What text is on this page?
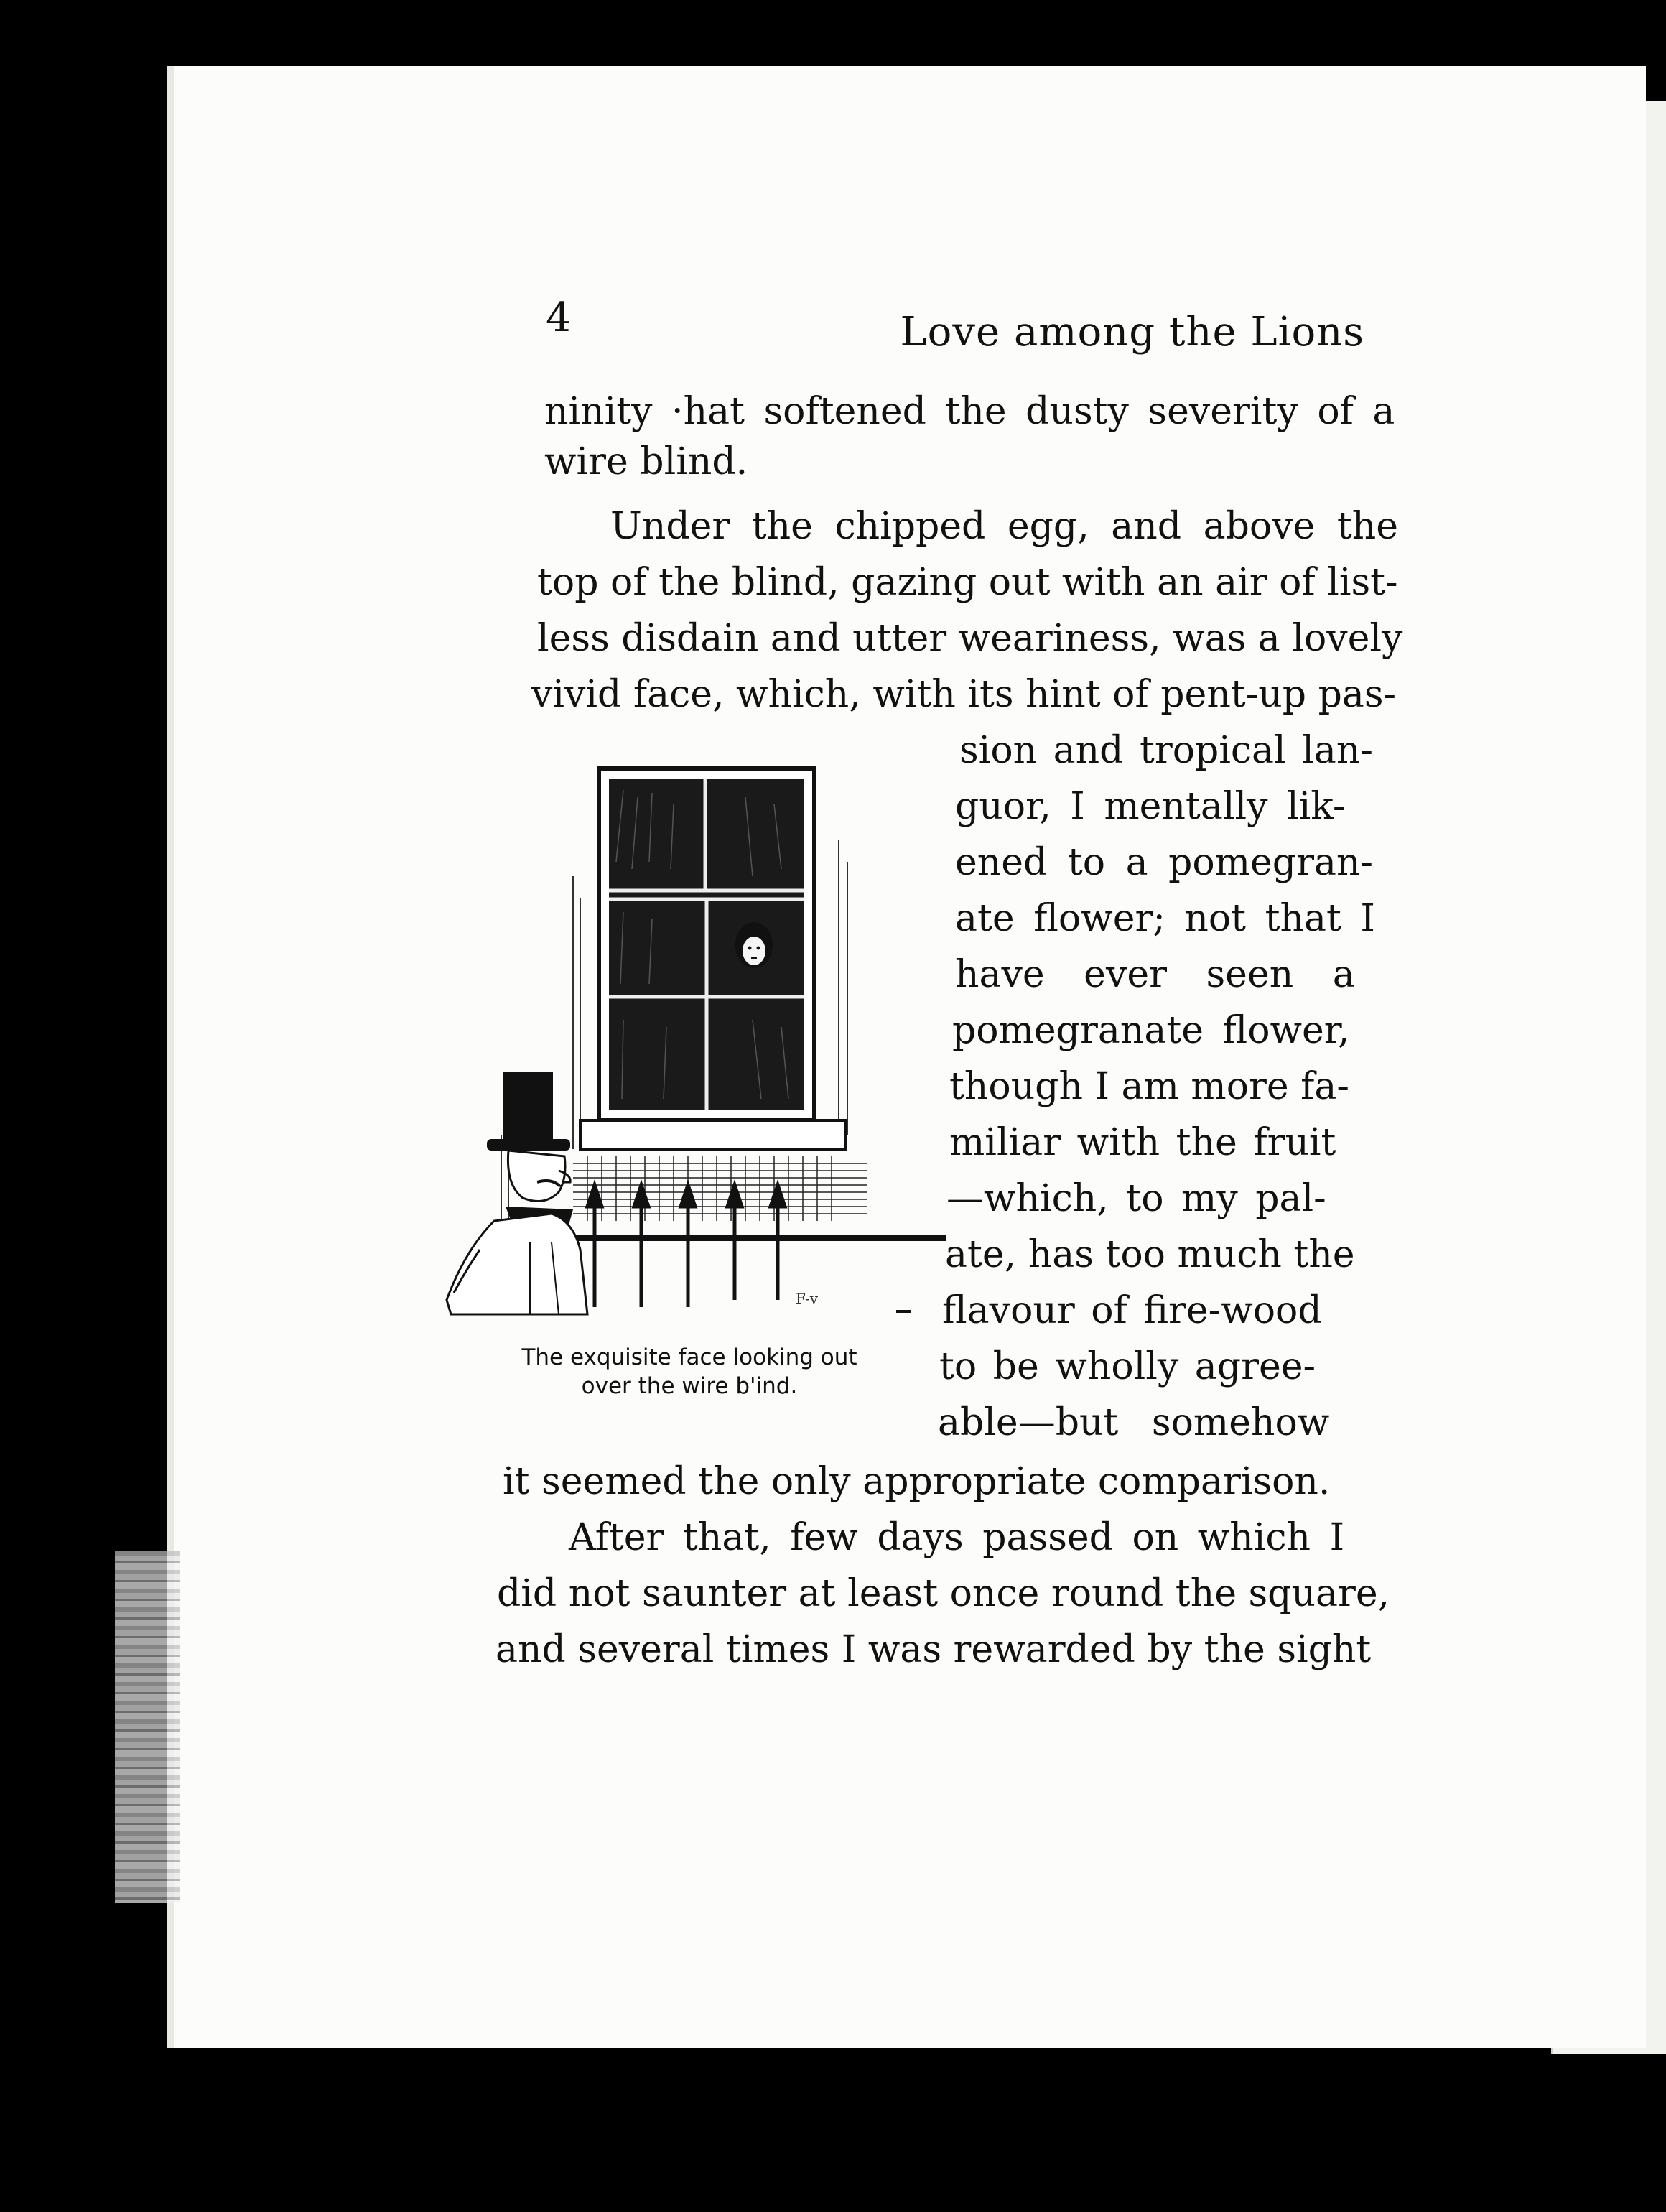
4	Love among the Lions
ninity ·hat softened the dusty severity of a
wire blind.
Under the chipped egg, and above the
top of the blind, gazing out with an air of list-
less disdain and utter weariness, was a lovely
vivid face, which, with its hint of pent-up pas-
sion and tropical lan-
guor, I mentally lik-
ened to a pomegran-
ate flower; not that I
have ever seen a
pomegranate flower,
though I am more fa-
miliar with the fruit
—which, to my pal-
ate, has too much the
flavour of fire-wood
to be wholly agree-
able—but somehow
it seemed the only appropriate comparison.
After that, few days passed on which I
did not saunter at least once round the square,
and several times I was rewarded by the sight
F-v
The exquisite face looking out
over the wire b'ind.
